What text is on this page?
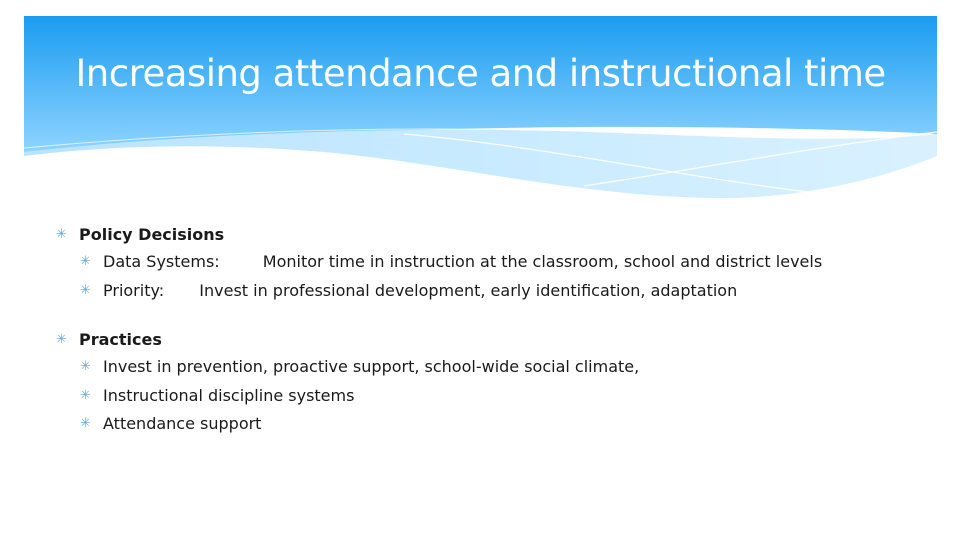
Increasing attendance and instructional time
✳ Policy Decisions
✳ Data Systems:	Monitor time in instruction at the classroom, school and district levels
✳ Priority: Invest in professional development, early identification, adaptation
✳ Practices
✳ Invest in prevention, proactive support, school-wide social climate,
✳ Instructional discipline systems
✳ Attendance support
